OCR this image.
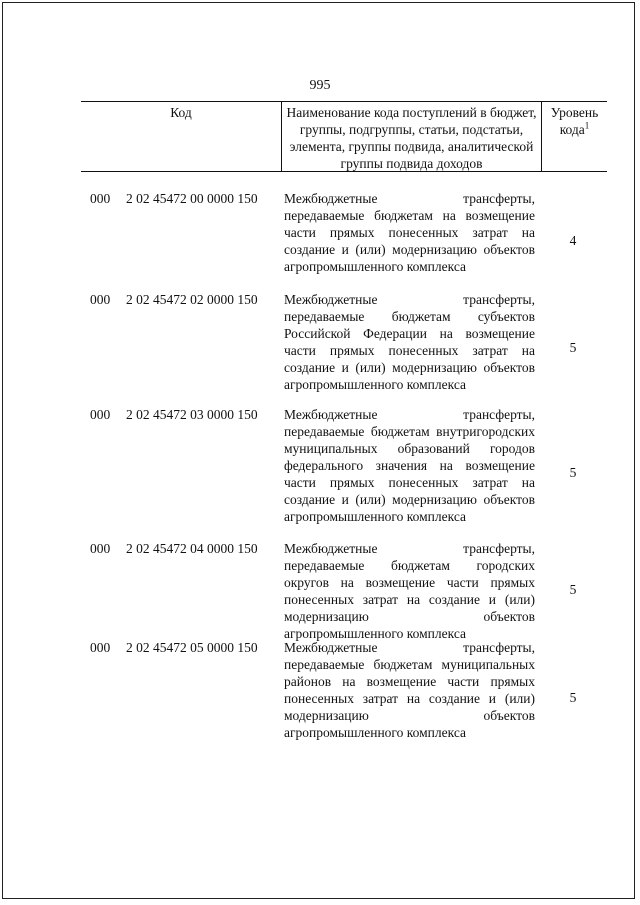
995
Код	Наименование кода поступлений в бюджет, группы, подгруппы, статьи, подстатьи, элемента, группы подвида, аналитической группы подвида доходов
Уровень кода$^1$
000 2 02 45472 00 0000 150 Межбюджетные трансферты, передаваемые бюджетам на возмещение части прямых понесенных затрат на создание и (или) модернизацию объектов агропромышленного комплекса
4
000 2 02 45472 02 0000 150 Межбюджетные трансферты, передаваемые бюджетам субъектов Российской Федерации на возмещение части прямых понесенных затрат на создание и (или) модернизацию объектов агропромышленного комплекса
5
000 2 02 45472 03 0000 150 Межбюджетные трансферты, передаваемые бюджетам внутригородских муниципальных образований городов федерального значения на возмещение части прямых понесенных затрат на создание и (или) модернизацию объектов агропромышленного комплекса
5
000 2 02 45472 04 0000 150 Межбюджетные трансферты, передаваемые бюджетам городских округов на возмещение части прямых понесенных затрат на создание и (или) модернизацию объектов агропромышленного комплекса
5
000 2 02 45472 05 0000 150 Межбюджетные трансферты, передаваемые бюджетам муниципальных районов на возмещение части прямых понесенных затрат на создание и (или) модернизацию объектов агропромышленного комплекса
5
